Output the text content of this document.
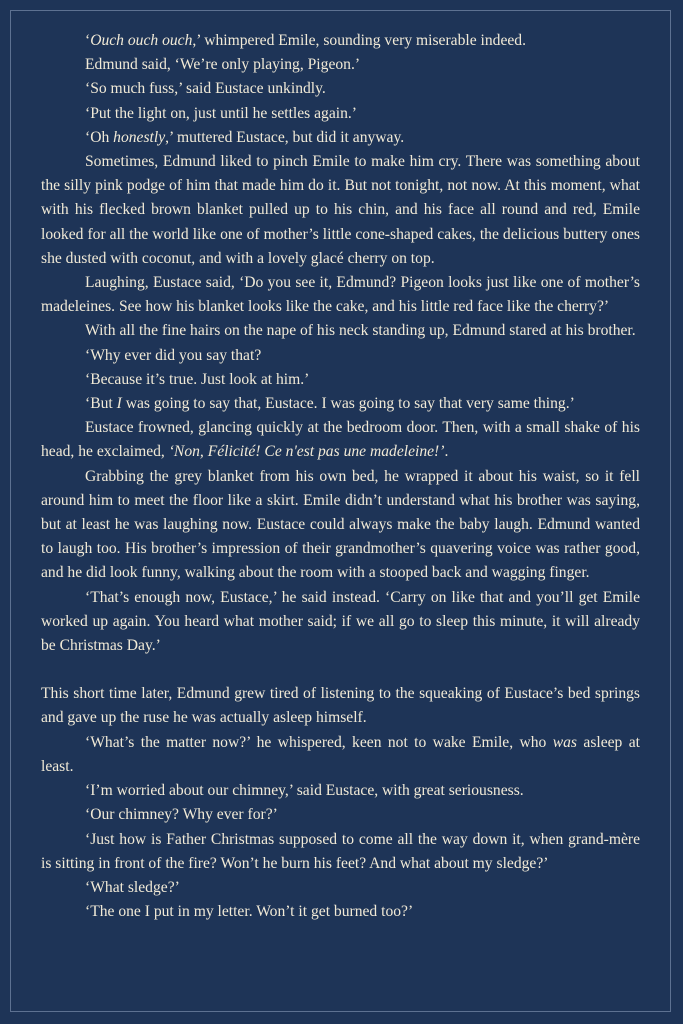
‘Ouch ouch ouch,’ whimpered Emile, sounding very miserable indeed.

Edmund said, ‘We’re only playing, Pigeon.’

‘So much fuss,’ said Eustace unkindly.

‘Put the light on, just until he settles again.’

‘Oh honestly,’ muttered Eustace, but did it anyway.

Sometimes, Edmund liked to pinch Emile to make him cry. There was something about the silly pink podge of him that made him do it. But not tonight, not now. At this moment, what with his flecked brown blanket pulled up to his chin, and his face all round and red, Emile looked for all the world like one of mother’s little cone-shaped cakes, the delicious buttery ones she dusted with coconut, and with a lovely glacé cherry on top.

Laughing, Eustace said, ‘Do you see it, Edmund? Pigeon looks just like one of mother’s madeleines. See how his blanket looks like the cake, and his little red face like the cherry?’

With all the fine hairs on the nape of his neck standing up, Edmund stared at his brother.

‘Why ever did you say that?

‘Because it’s true. Just look at him.’

‘But I was going to say that, Eustace. I was going to say that very same thing.’

Eustace frowned, glancing quickly at the bedroom door. Then, with a small shake of his head, he exclaimed, ‘Non, Félicité! Ce n'est pas une madeleine!’.

Grabbing the grey blanket from his own bed, he wrapped it about his waist, so it fell around him to meet the floor like a skirt. Emile didn’t understand what his brother was saying, but at least he was laughing now. Eustace could always make the baby laugh. Edmund wanted to laugh too. His brother’s impression of their grandmother’s quavering voice was rather good, and he did look funny, walking about the room with a stooped back and wagging finger.

‘That’s enough now, Eustace,’ he said instead. ‘Carry on like that and you’ll get Emile worked up again. You heard what mother said; if we all go to sleep this minute, it will already be Christmas Day.’

This short time later, Edmund grew tired of listening to the squeaking of Eustace’s bed springs and gave up the ruse he was actually asleep himself.

‘What’s the matter now?’ he whispered, keen not to wake Emile, who was asleep at least.

‘I’m worried about our chimney,’ said Eustace, with great seriousness.

‘Our chimney? Why ever for?’

‘Just how is Father Christmas supposed to come all the way down it, when grand-mère is sitting in front of the fire? Won’t he burn his feet? And what about my sledge?’

‘What sledge?’

‘The one I put in my letter. Won’t it get burned too?’
